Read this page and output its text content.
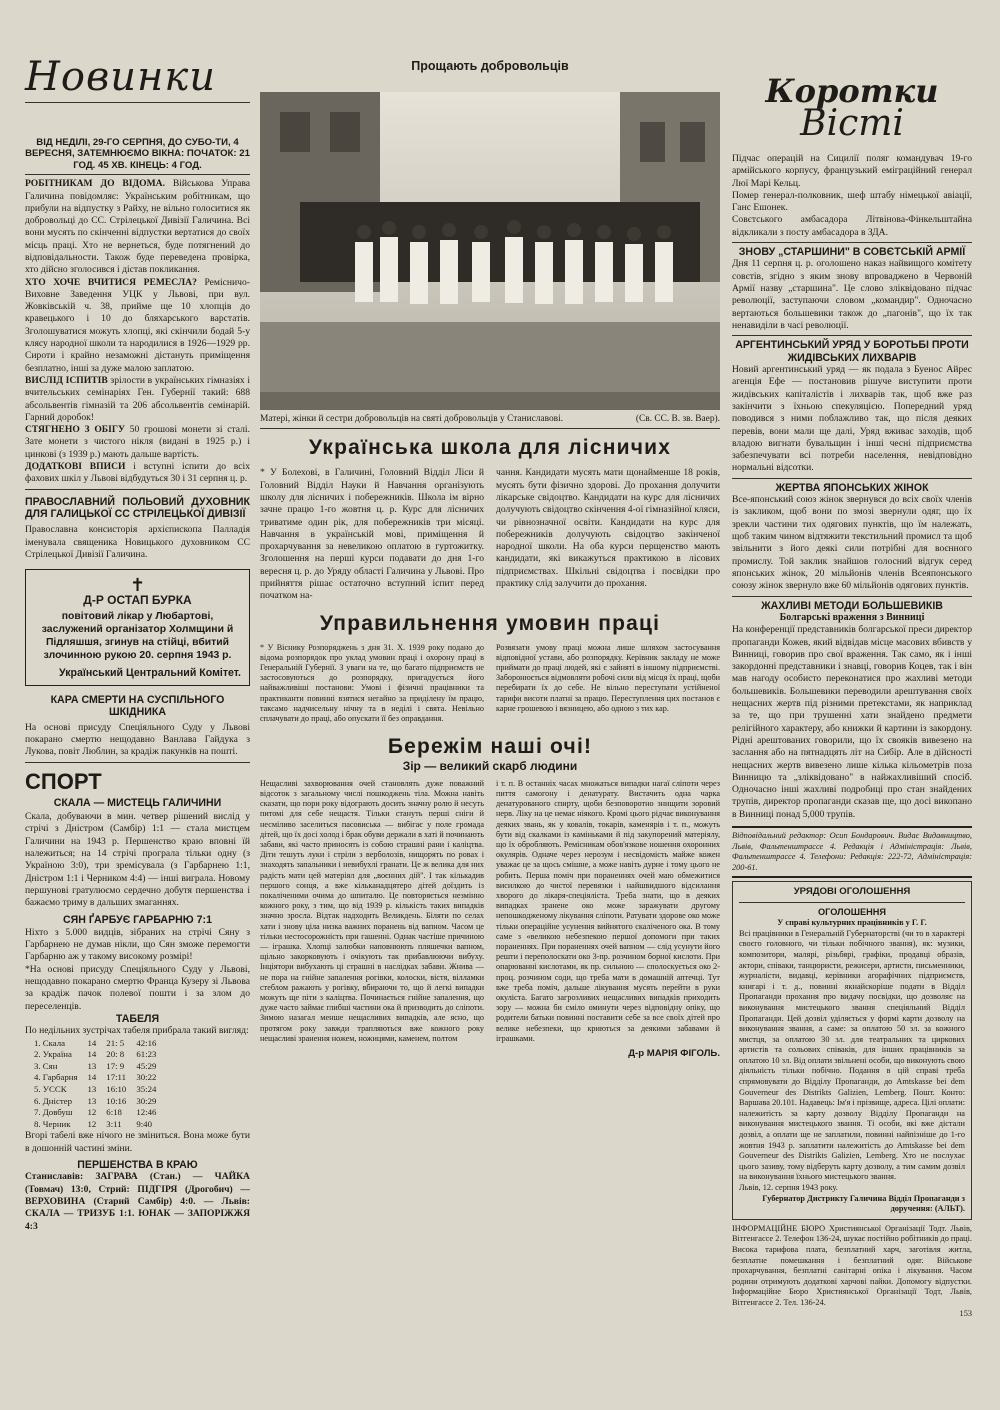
Новинки

ВІД НЕДІЛІ, 29-ГО СЕРПНЯ, ДО СУБО-ТИ, 4 ВЕРЕСНЯ, ЗАТЕМНЮЄМО ВІКНА: ПОЧАТОК: 21 ГОД. 45 ХВ. КІНЕЦЬ: 4 ГОД.

РОБІТНИКАМ ДО ВІДОМА. Військова Управа Галичина повідомляє: Українським робітникам, що прибули на відпустку з Райху, не вільно голоситися як добровольці до СС. Стрілецької Дивізії Галичина. Всі вони мусять по скінченні відпустки вертатися до своїх місць праці. Хто не вернеться, буде потягнений до відповідальности. Також буде переведена провірка, хто дійсно зголосився і дістав покликання.

ХТО ХОЧЕ ВЧИТИСЯ РЕМЕСЛА? Ремісничо-Виховне Заведення УЦК у Львові, при вул. Жовківській ч. 38, прийме ще 10 хлопців до кравецького і 10 до бляхарського варстатів. Зголошуватися можуть хлопці, які скінчили бодай 5-у клясу народної школи та народилися в 1926—1929 рр. Сироти і крайно незаможні дістануть приміщення безплатно, інші за дуже малою заплатою.

ВИСЛІД ІСПИТІВ зрілости в українських гімназіях і вчительських семінаріях Ген. Губернії такий: 688 абсольвентів гімназій та 206 абсольвентів семінарій. Гарний доробок!

СТЯГНЕНО З ОБІГУ 50 грошові монети зі сталі. Зате монети з чистого нікля (видані в 1925 р.) і цинкові (з 1939 р.) мають дальше вартість.

ДОДАТКОВІ ВПИСИ і вступні іспити до всіх фахових шкіл у Львові відбудуться 30 і 31 серпня ц. р.

ПРАВОСЛАВНИЙ ПОЛЬОВИЙ ДУХОВНИК ДЛЯ ГАЛИЦЬКОЇ СС СТРІЛЕЦЬКОЇ ДИВІЗІЇ

Православна консисторія архієпископа Палладія іменувала священика Новицького духовником СС Стрілецької Дивізії Галичина.

✝
Д-Р ОСТАП БУРКА
повітовий лікар у Любартові, заслужений організатор Холмщини й Підляшшя, згинув на стійці, вбитий злочинною рукою 20. серпня 1943 р.
Український Центральний Комітет.

КАРА СМЕРТИ НА СУСПІЛЬНОГО ШКІДНИКА

На основі присуду Спеціяльного Суду у Львові покарано смертю нещодавно Ванлава Гайдука з Лукова, повіт Люблин, за крадіж пакунків на пошті.

СПОРТ

СКАЛА — МИСТЕЦЬ ГАЛИЧИНИ

Скала, добуваючи в мин. четвер рішений вислід у стрічі з Дністром (Самбір) 1:1 — стала мистцем Галичини на 1943 р. Першенство краю вповні їй належиться; на 14 стрічі програла тільки одну (з Україною 3:0), три зремісувала (з Гарбарнею 1:1, Дністром 1:1 і Черником 4:4) — інші виграла. Новому першунові гратулюємо сердечно добутя першенства і бажаємо триму в дальших змаганнях.

СЯН ҐАРБУЄ ГАРБАРНЮ 7:1

Ніхто з 5.000 видців, зібраних на стрічі Сяну з Гарбарнею не думав нікли, що Сян зможе перемогти Гарбарню аж у такому високому розмірі!

*На основі присуду Спеціяльного Суду у Львові, нещодавно покарано смертю Франца Кузеру зі Львова за крадіж пачок полевої пошти і за злом до переселенців.

ТАБЕЛЯ

По недільних зустрічах табеля прибрала такий вигляд:

1. Скала	14	21: 5	42:16
2. Україна	14	20: 8	61:23
3. Сян	13	17: 9	45:29
4. Гарбарня	14	17:11	30:22
5. УССК	13	16:10	35:24
6. Дністер	13	10:16	30:29
7. Довбуш	12	6:18	12:46
8. Черник	12	3:11	9:40

Вгорі табелі вже нічого не зміниться. Вона може бути в дошонній частині зміни.

ПЕРШЕНСТВА В КРАЮ

Станиславів: ЗАГРАВА (Стан.) — ЧАЙКА (Товмач) 13:0, Стрий: ПІДГІРЯ (Дрогобич) — ВЕРХОВИНА (Старий Самбір) 4:0. — Львів: СКАЛА — ТРИЗУБ 1:1. ЮНАК — ЗАПОРІЖЖЯ 4:3

Прощають добровольців
Матері, жінки й сестри добровольців на святі добровольців у Станиславові.	(Св. СС. В. зв. Ваер).
Українська школа для лісничих

* У Болехові, в Галичині, Головний Відділ Ліси й Головний Відділ Науки й Навчання організують школу для лісничих і побережників. Школа ім вірно зачне працю 1-го жовтня ц. р. Курс для лісничих триватиме один рік, для побережників три місяці. Навчання в українській мові, приміщення й прохарчування за невеликою оплатою в гуртожитку. Зголошення на перші курси подавати до дня 1-го вересня ц. р. до Уряду області Галичина у Львові. Про прийняття рішає остаточно вступний іспит перед початком на-

чання. Кандидати мусять мати щонайменше 18 років, мусять бути фізично здорові. До прохання долучити лікарське свідоцтво. Кандидати на курс для лісничих долучують свідоцтво скінчення 4-ої гімназійної кляси, чи рівнозначної освіти. Кандидати на курс для побережників долучують свідоцтво закінченої народної школи. На оба курси перщенство мають кандидати, які викажуться практикою в лісових підприємствах. Шкільні свідоцтва і посвідки про практику слід залучити до прохання.

Управильнення умовин праці

* У Віснику Розпоряджень з дня 31. X. 1939 року подано до відома розпорядок про уклад умовин праці і охорону праці в Генеральній Губернії. З уваги на те, що багато підприємств не застосовуються до розпорядку, пригадується його найважливіші постанови: Умові і фізичні працівники та практиканти повинні взятися негайно за приділену їм працю, таксамо надчисельну нічну та в неділі і свята. Невільно сплачувати до праці, або опускати її без оправдання.

Розвязати умову праці можна лише шляхом застосування відповідної устави, або розпорядку. Керівник закладу не може приймати до праці людей, які є зайняті в іншому підприємстві. Заборонюється відмовляти робочі сили від місця їх праці, щоби перебирати їх до себе. Не вільно переступати устійненої тарифи висоти платні за працю. Переступлення цих постанов є карне грошевою і вязницею, або одною з тих кар.

Бережім наші очі!
Зір — великий скарб людини

Нещасливі захворювання очей становлять дуже поважний відсоток з загальному числі пошкоджень тіла. Можна навіть сказати, що пори року відограють досить значну ролю й несуть питомі для себе нещастя. Тільки стануть перші сніги й несміливо заселиться пасовиська — вибігає у поле громада дітей, що їх досі холод і брак обуви держали в хаті й починають забави, які часто приносять із собою страшні рани і каліцтва. Діти тешуть луки і стріли з верболозів, нищорять по ровах і знаходять запальники і невибухлі гранати. Це ж велика для них радість мати цей матеріял для „воєнних дій". І так кількадив першого сонця, а вже кільканадцятеро дітей доїздить із покаліченими очима до шпиталю. Це повторяється незмінно кожного року, з тим, що від 1939 р. кількість таких випадків значно зросла. Відтак надходить Великдень. Біляти по селах хати і знову ціла низка важних поранень від вапном. Часом це тільки нестосорожність при гашенні. Однак частіше причиною — іграшка. Хлопці залюбки наповнюють пляшечки вапном, щільно закорковують і очікують так прибавлюючи вибуху. Інціятори вибухають ці страшні в наслідках забави. Жнива — не пора на гнійне запалення рогівки, колоски, вістя, вілламки стеблом ражають у рогівку, вбираючи то, що й легкі випадки можуть ще піти з каліцтва. Починається гнійне запалення, що дуже часто займає глибші частини ока й призводить до сліпоти. Зимою назагал менше нещасливих випадків, але ясно, що протягом року завжди трапляються вже кожного року нещасливі зранення ножем, ножицями, каменем, полтом

і т. п. В останніх часах множаться випадки нагаї сліпоти через пиття самогону і денатурату. Вистачить одна чарка денатурованого спирту, щоби безповоротно знищити зоровий нерв. Ліку на це немає ніякого. Кромі цього рідчає виконування деяких звань, як у ковалів, токарів, каменярів і т. п., можуть бути від скалками із каміньками й під закупорений матеріялу, що їх обробляють. Ремісникам обов'язкове ношення охоронних окулярів. Одначе через нерозум і несвідомість майже кожен уважає це за щось смішне, а може навіть дурне і тому цього не робить. Перша поміч при пораненнях очей маю обмежитися висилкою до чистої перевязки і найшвидшого відсилання хворого до лікаря-спеціяліста. Треба знати, що в деяких випадках зранене око може заражувати другому непошкодженому лікування сліпоти. Ратувати здорове око може тільки операційне усунення вийнятого скаліченого ока. В тому саме з «великою небезпекою першої допомоги при таких пораненнях. При пораненнях очей вапном — слід усунути його решти і переполоскати око 3-пр. розчином борної кислоти. При опарюванні кислотами, як пр. сильною — сполоскується око 2-проц. розчином соди, що треба мати в домашній аптечці. Тут вже треба поміч, дальше лікування мусять перейти в руки окуліста. Багато загрозливих нещасливих випадків приходить зору — можна би сміло оминути через відповідну опіку, що родители батьки повинні поставити себе за все своїх дітей про велике небезпеки, що криються за деякими забавами й іграшками.

Д-р МАРІЯ ФІГОЛЬ.

Коротки
Вісті

Підчас операцій на Сицилії поляг командувач 19-го армійського корпусу, французький еміграційний генерал Люї Марі Кельц.

Помер генерал-полковник, шеф штабу німецької авіації, Ганс Ешонек.

Совєтського амбасадора Літвінова-Фінкельштайна відкликали з посту амбасадора в ЗДА.

ЗНОВУ „СТАРШИНИ" В СОВЄТСЬКІЙ АРМІЇ

Дня 11 серпня ц. р. оголошено наказ найвищого комітету совєтів, згідно з яким знову впроваджено в Червоній Армії назву „старшина". Це слово зліквідовано підчас революції, заступаючи словом „командир". Одночасно вертаються большевики також до „пагонів", що їх так ненавиділи в часі революції.

АРГЕНТИНСЬКИЙ УРЯД У БОРОТЬБІ ПРОТИ ЖИДІВСЬКИХ ЛИХВАРІВ

Новий аргентинський уряд — як подала з Буенос Айрес агенція Ефе — постановив рішуче виступити проти жидівських капіталістів і лихварів так, щоб вже раз закінчити з їхньою спекуляцією. Попередний уряд поводився з ними поблажливо так, що після деяких перевів, вони мали ще далі, Уряд вживає заходів, щоб владою вигнати бувальщин і інші чесні підприємства забезпечувати всі потреби населення, невідповідно нормальні відсотки.

ЖЕРТВА ЯПОНСЬКИХ ЖІНОК

Все-японський союз жінок звернувся до всіх своїх членів із закликом, щоб вони по змозі звернули одяг, що їх зрекли частини тих одягових пунктів, що їм належать, щоб таким чином відтяжити текстильний промисл та щоб звільнити з його деякі сили потрібні для воєнного промислу. Той заклик знайшов голосний відгук серед японських жінок, 20 мільйонів членів Всеяпонського союзу жінок звернуло вже 60 мільйонів одягових пунктів.

ЖАХЛИВІ МЕТОДИ БОЛЬШЕВИКІВ

Болгарські враження з Винниці

На конференції представників болгарської преси директор пропаганди Кожев, який відвідав місце масових вбивств у Винниці, говорив про свої враження. Так само, як і інші закордонні представники і знавці, говорив Коцев, так і він мав нагоду особисто переконатися про жахливі методи большевиків. Большевики переводили арештування своїх нещасних жертв під різними претекстами, як наприклад за те, що при трушенні хати знайдено предмети релігійного характеру, або книжки й картини із закордону. Рідні арештованих говорили, що їх свояків вивезено на заслання або на пятнадцять літ на Сибір. Але в дійсності нещасних жертв вивезено лише кілька кільометрів поза Винницю та „зліквідовано" в найжахливіший спосіб. Одночасно інші жахливі подробиці про стан знайдених трупів, директор пропаганди сказав ще, що досі викопано в Винниці понад 5,000 трупів.

Відповідальний редактор: Осип Бондарович. Видає Видавництво, Львів, Фальтенштрассе 4. Редакція і Адміністрація: Львів, Фальтенштрассе 4. Телефони: Редакція: 222-72, Адміністрація: 200-61.

УРЯДОВІ ОГОЛОШЕННЯ

ОГОЛОШЕННЯ

У справі культурних працівників у Г. Г.

Всі працівники в Генеральній Губернаторстві (чи то в характері своєго головного, чи тільки побічного звання), як: музики, композитори, малярі, різьбярі, графіки, продавці образів, актори, співаки, танцюристи, режисери, артисти, письменники, журналісти, видавці, керівники агорафічних підприємств, книгарі і т. д., повинні якнайскоріше подати в Відділ Пропаганди прохання про видачу посвідки, що дозволяє на виконування мистецького звання спеціяльний Відділ Пропаганди. Цей дозвіл уділяється у формі карти дозволу на виконування звання, а саме: за оплатою 50 зл. за кожного мистця, за оплатою 30 зл. для театральних та циркових артистів та сольових співаків, для інших працівників за оплатою 10 зл. Від оплати звільнені особи, що виконують свою діяльність тільки побічно. Подання в цій справі треба спрямовувати до Відділу Пропаганди, до Amtskasse bei dem Gouverneur des Distrikts Galizien, Lemberg. Пошт. Конто: Варшава 20.101. Надавець: Ім'я і прізвище, адреса. Цілі оплати: належитість за карту дозволу Відділу Пропаганди на виконування мистецького звання. Ті особи, які вже дістали дозвіл, а оплати ще не заплатили, повинні найпізніше до 1-го жовтня 1943 р. заплатити належитість до Amtskasse bei dem Gouverneur des Distrikts Galizien, Lemberg. Хто не послухає цього зазиву, тому відберуть карту дозволу, а тим самим дозвіл на виконування їхнього мистецького звання.

Львів, 12. серпня 1943 року.

Губернатор Дистрикту Галичина Відділ Пропаганди з доручення: (АЛЬТ).

ІНФОРМАЦІЙНЕ БЮРО Християнської Організації Тодт. Львів, Вітгенгассе 2. Телефон 136-24, шукає постійно робітників до праці. Висока тарифова плата, безплатний харч, заготівля житла, безплатне помешкання і безплатний одяг. Військове прохарчування, безплатні санітарні опіка і лікування. Часом родини отримують додаткові харчові пайки. Допомогу відпустки. Інформаційне Бюро Християнської Організації Тодт, Львів, Вітгенгассе 2. Тел. 136-24.

153
